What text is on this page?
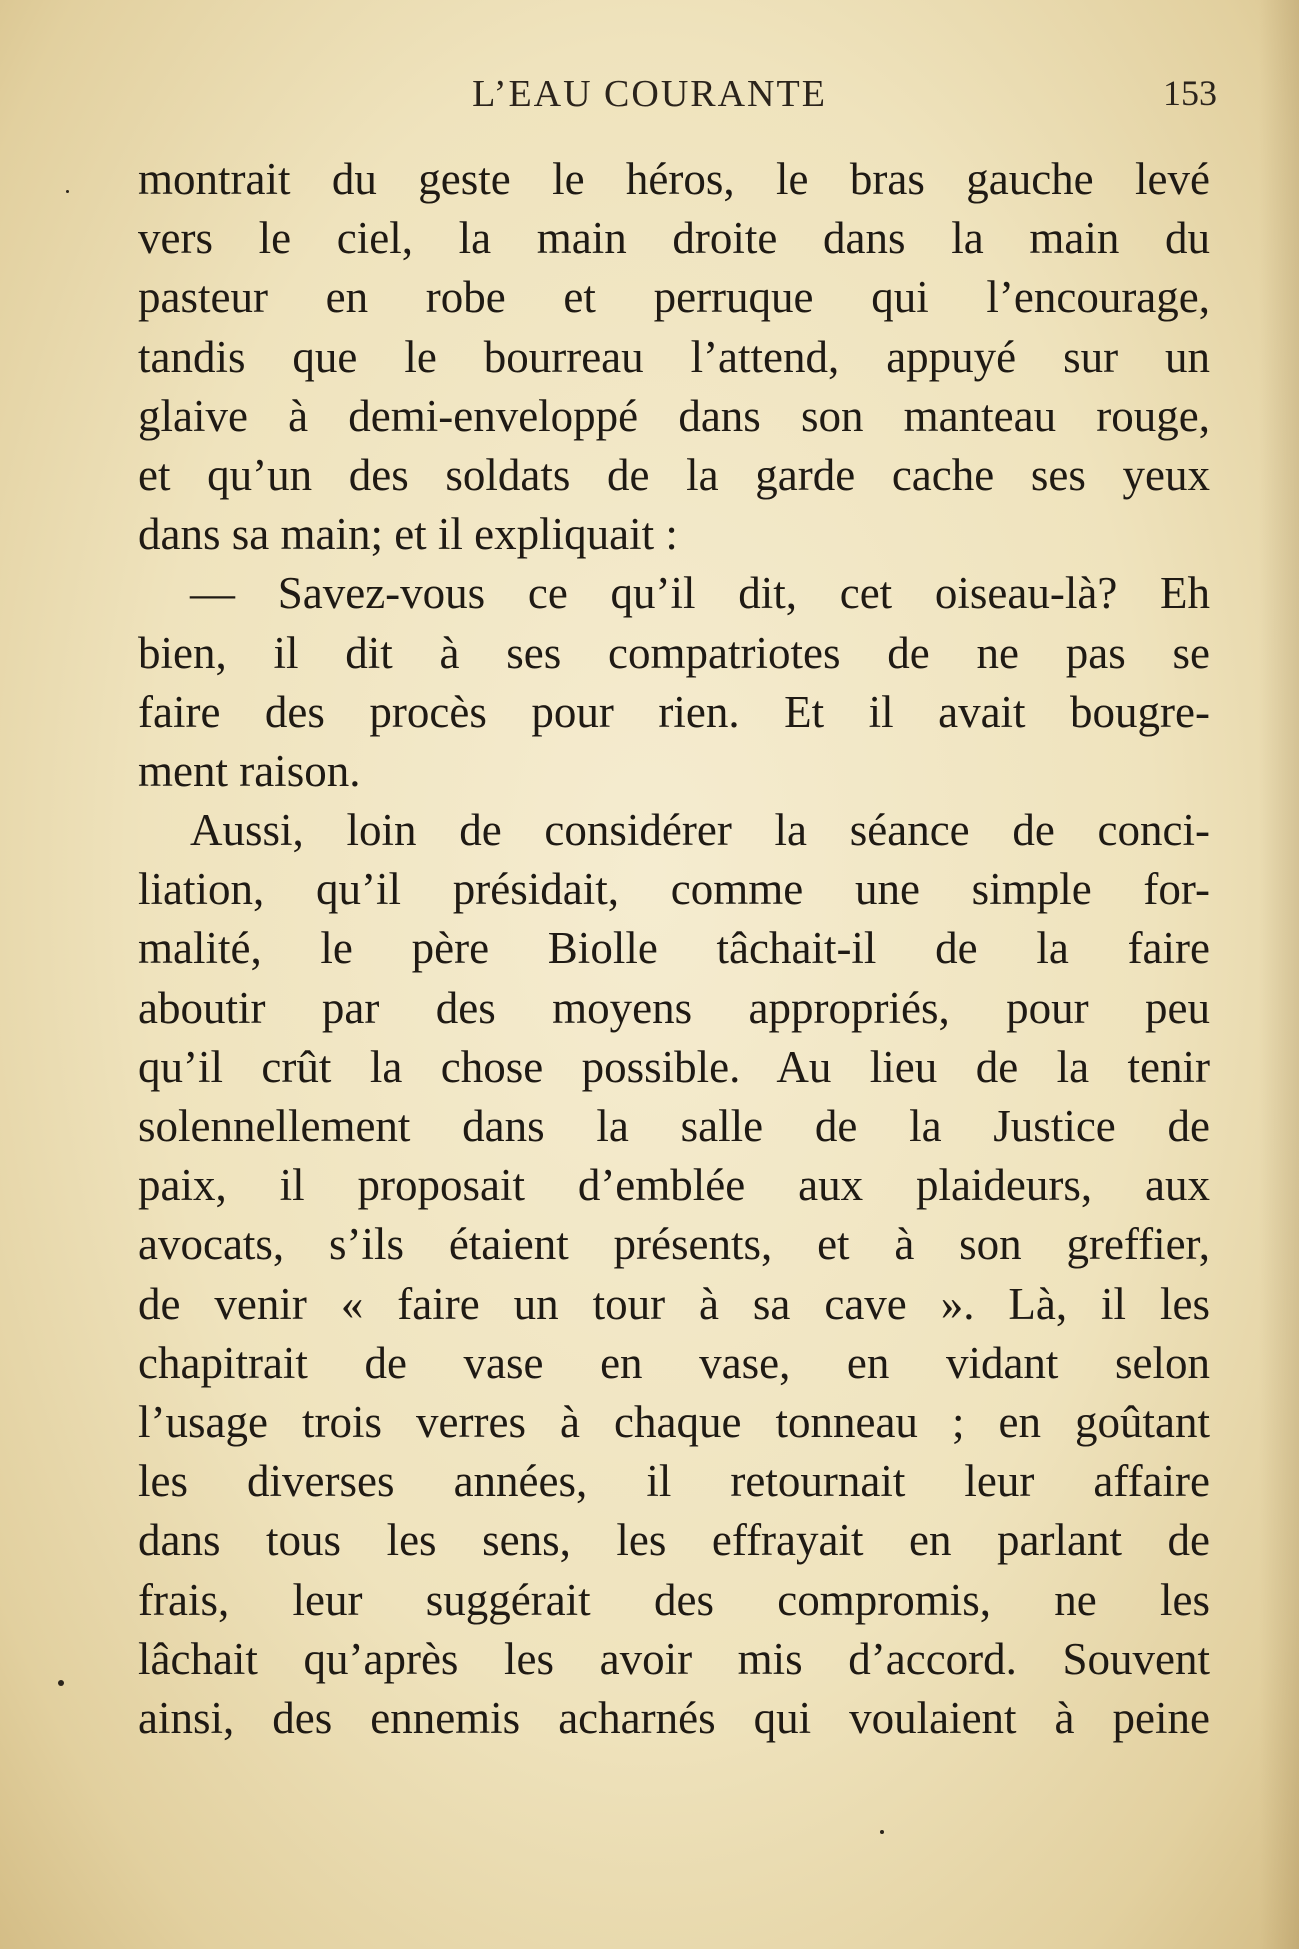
L’EAU COURANTE	153
montrait du geste le héros, le bras gauche levé
vers le ciel, la main droite dans la main du
pasteur en robe et perruque qui l’encourage,
tandis que le bourreau l’attend, appuyé sur un
glaive à demi-enveloppé dans son manteau rouge,
et qu’un des soldats de la garde cache ses yeux
dans sa main; et il expliquait :
— Savez-vous ce qu’il dit, cet oiseau-là? Eh
bien, il dit à ses compatriotes de ne pas se
faire des procès pour rien. Et il avait bougre-
ment raison.
Aussi, loin de considérer la séance de conci-
liation, qu’il présidait, comme une simple for-
malité, le père Biolle tâchait-il de la faire
aboutir par des moyens appropriés, pour peu
qu’il crût la chose possible. Au lieu de la tenir
solennellement dans la salle de la Justice de
paix, il proposait d’emblée aux plaideurs, aux
avocats, s’ils étaient présents, et à son greffier,
de venir « faire un tour à sa cave ». Là, il les
chapitrait de vase en vase, en vidant selon
l’usage trois verres à chaque tonneau ; en goûtant
les diverses années, il retournait leur affaire
dans tous les sens, les effrayait en parlant de
frais, leur suggérait des compromis, ne les
lâchait qu’après les avoir mis d’accord. Souvent
ainsi, des ennemis acharnés qui voulaient à peine
